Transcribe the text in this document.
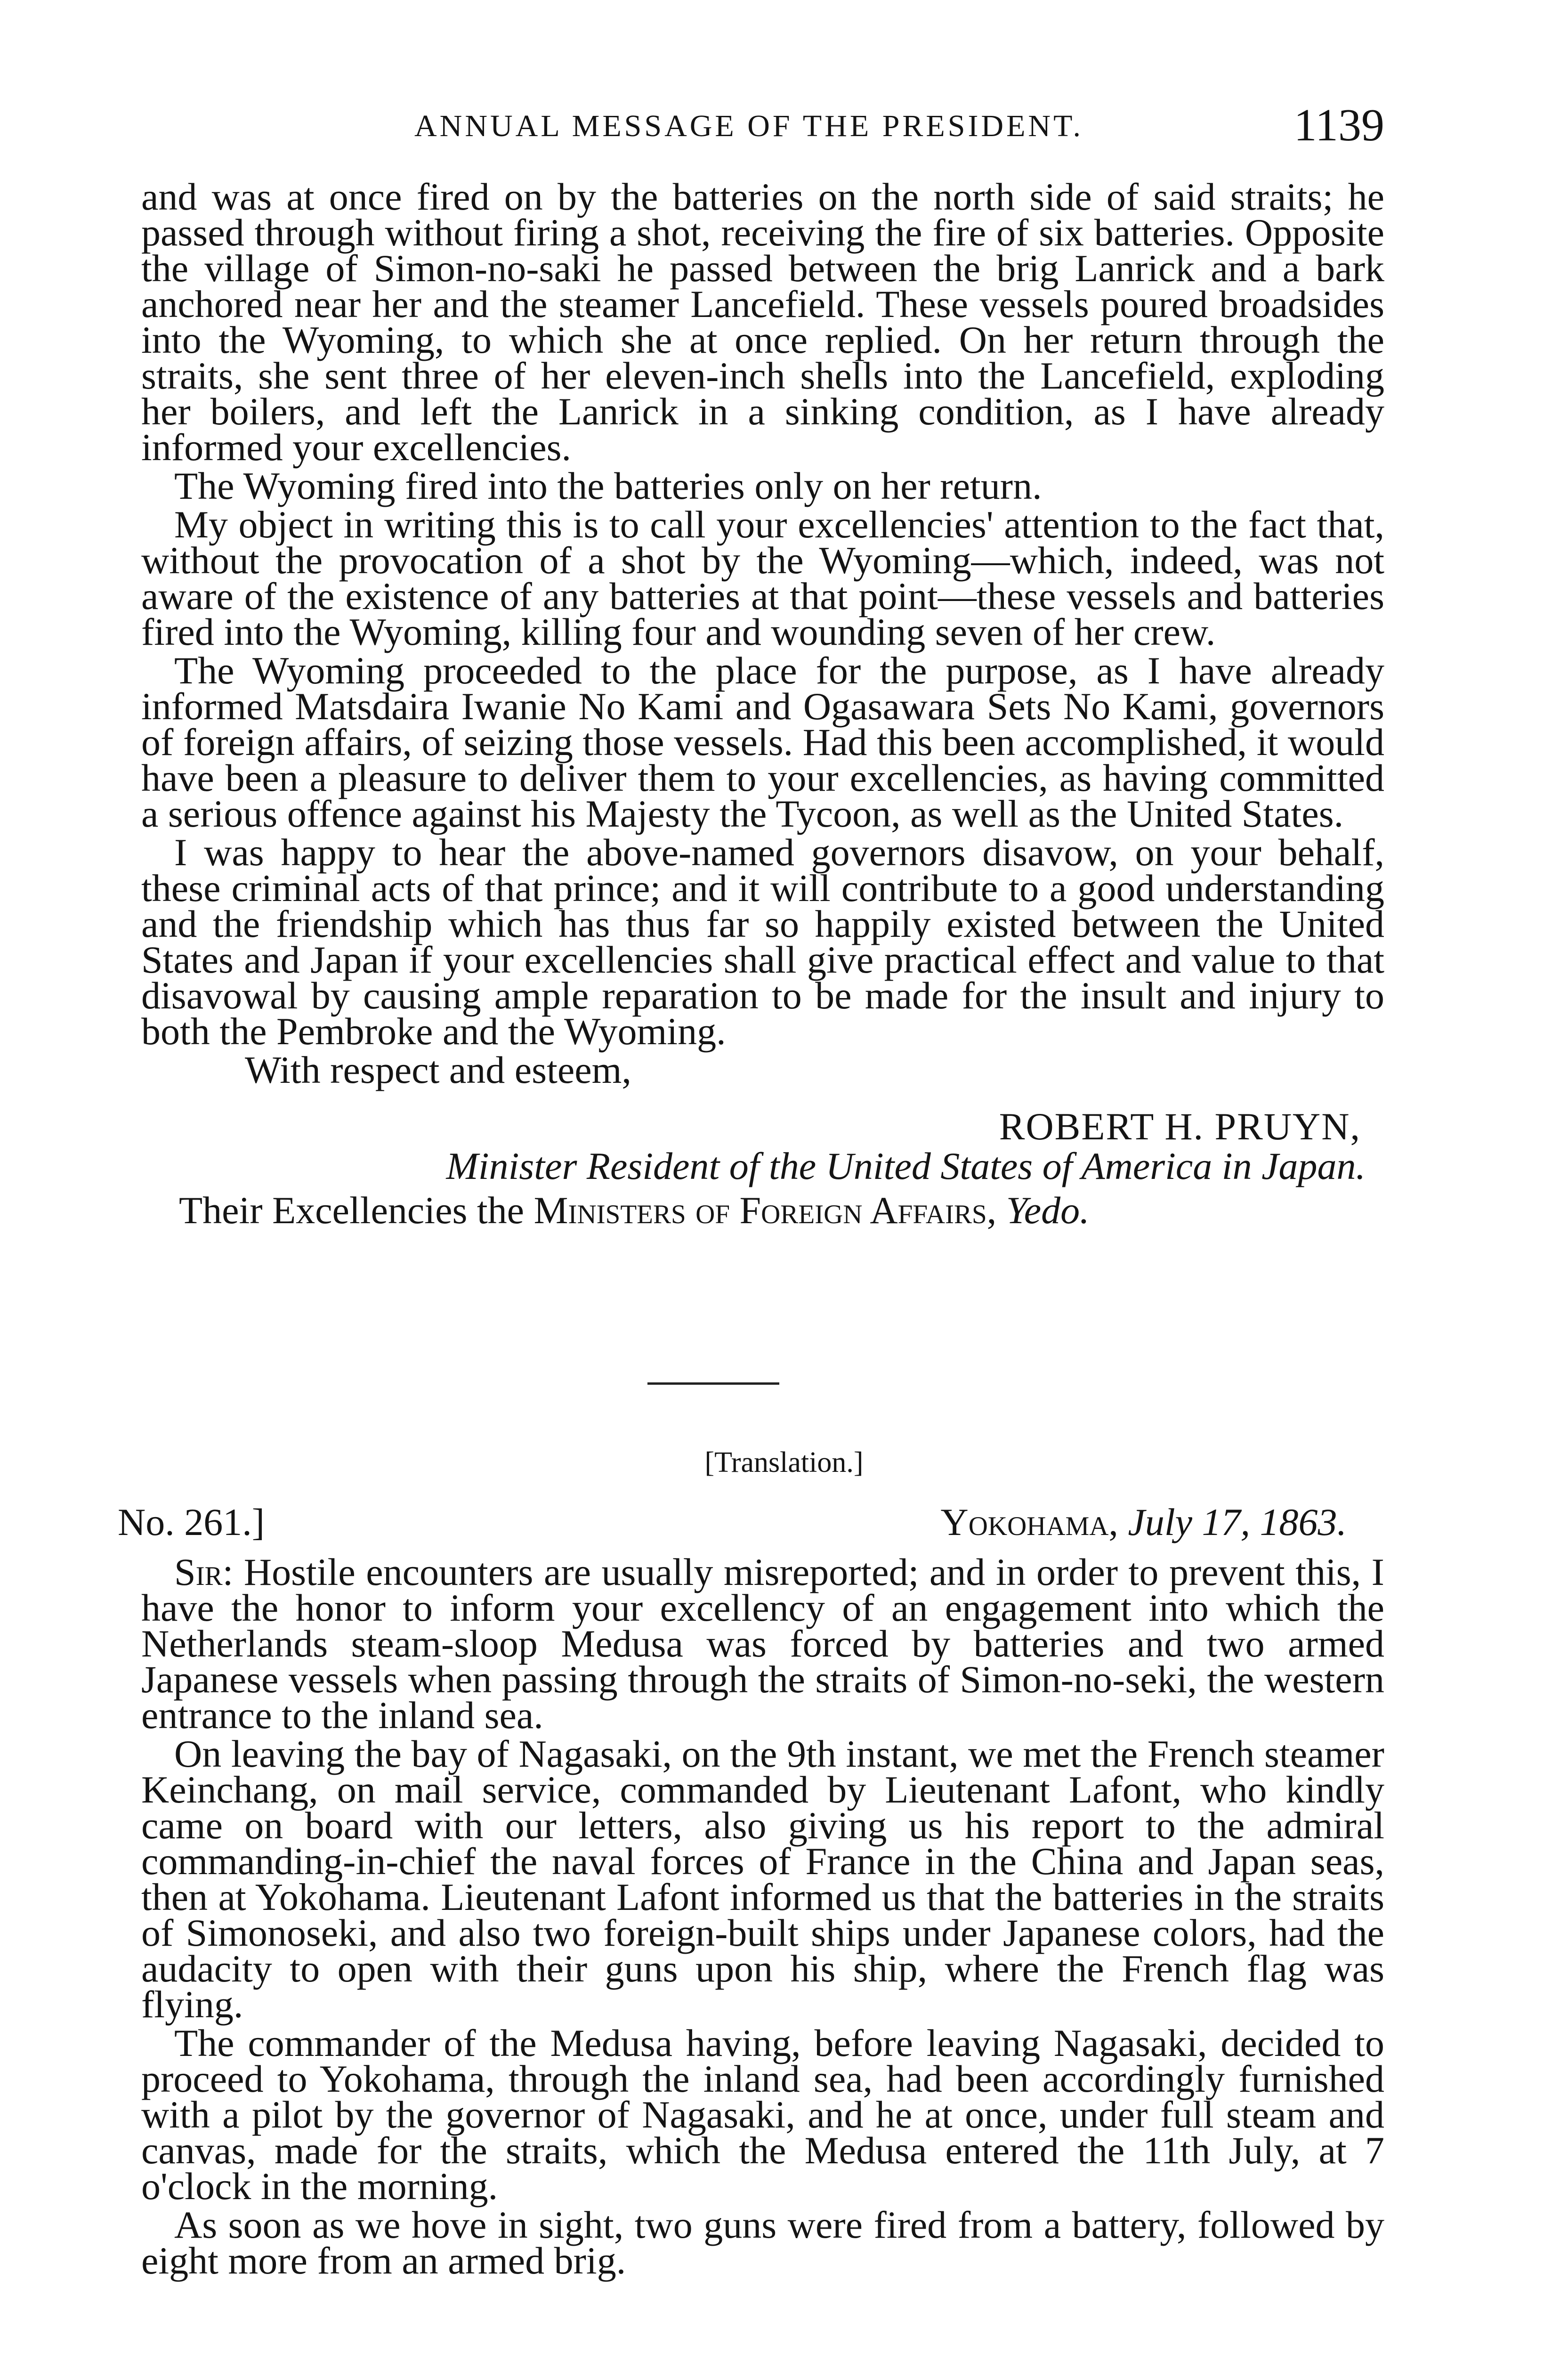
ANNUAL MESSAGE OF THE PRESIDENT.	1139

and was at once fired on by the batteries on the north side of said straits; he passed through without firing a shot, receiving the fire of six batteries. Opposite the village of Simon-no-saki he passed between the brig Lanrick and a bark anchored near her and the steamer Lancefield. These vessels poured broadsides into the Wyoming, to which she at once replied. On her return through the straits, she sent three of her eleven-inch shells into the Lancefield, exploding her boilers, and left the Lanrick in a sinking condition, as I have already informed your excellencies.

The Wyoming fired into the batteries only on her return.

My object in writing this is to call your excellencies' attention to the fact that, without the provocation of a shot by the Wyoming—which, indeed, was not aware of the existence of any batteries at that point—these vessels and batteries fired into the Wyoming, killing four and wounding seven of her crew.

The Wyoming proceeded to the place for the purpose, as I have already informed Matsdaira Iwanie No Kami and Ogasawara Sets No Kami, governors of foreign affairs, of seizing those vessels. Had this been accomplished, it would have been a pleasure to deliver them to your excellencies, as having committed a serious offence against his Majesty the Tycoon, as well as the United States.

I was happy to hear the above-named governors disavow, on your behalf, these criminal acts of that prince; and it will contribute to a good understanding and the friendship which has thus far so happily existed between the United States and Japan if your excellencies shall give practical effect and value to that disavowal by causing ample reparation to be made for the insult and injury to both the Pembroke and the Wyoming.

With respect and esteem,
ROBERT H. PRUYN,
Minister Resident of the United States of America in Japan.
Their Excellencies the Ministers of Foreign Affairs, Yedo.
[Translation.]
No. 261.]	Yokohama, July 17, 1863.

Sir: Hostile encounters are usually misreported; and in order to prevent this, I have the honor to inform your excellency of an engagement into which the Netherlands steam-sloop Medusa was forced by batteries and two armed Japanese vessels when passing through the straits of Simon-no-seki, the western entrance to the inland sea.

On leaving the bay of Nagasaki, on the 9th instant, we met the French steamer Keinchang, on mail service, commanded by Lieutenant Lafont, who kindly came on board with our letters, also giving us his report to the admiral commanding-in-chief the naval forces of France in the China and Japan seas, then at Yokohama. Lieutenant Lafont informed us that the batteries in the straits of Simonoseki, and also two foreign-built ships under Japanese colors, had the audacity to open with their guns upon his ship, where the French flag was flying.

The commander of the Medusa having, before leaving Nagasaki, decided to proceed to Yokohama, through the inland sea, had been accordingly furnished with a pilot by the governor of Nagasaki, and he at once, under full steam and canvas, made for the straits, which the Medusa entered the 11th July, at 7 o'clock in the morning.

As soon as we hove in sight, two guns were fired from a battery, followed by eight more from an armed brig.
